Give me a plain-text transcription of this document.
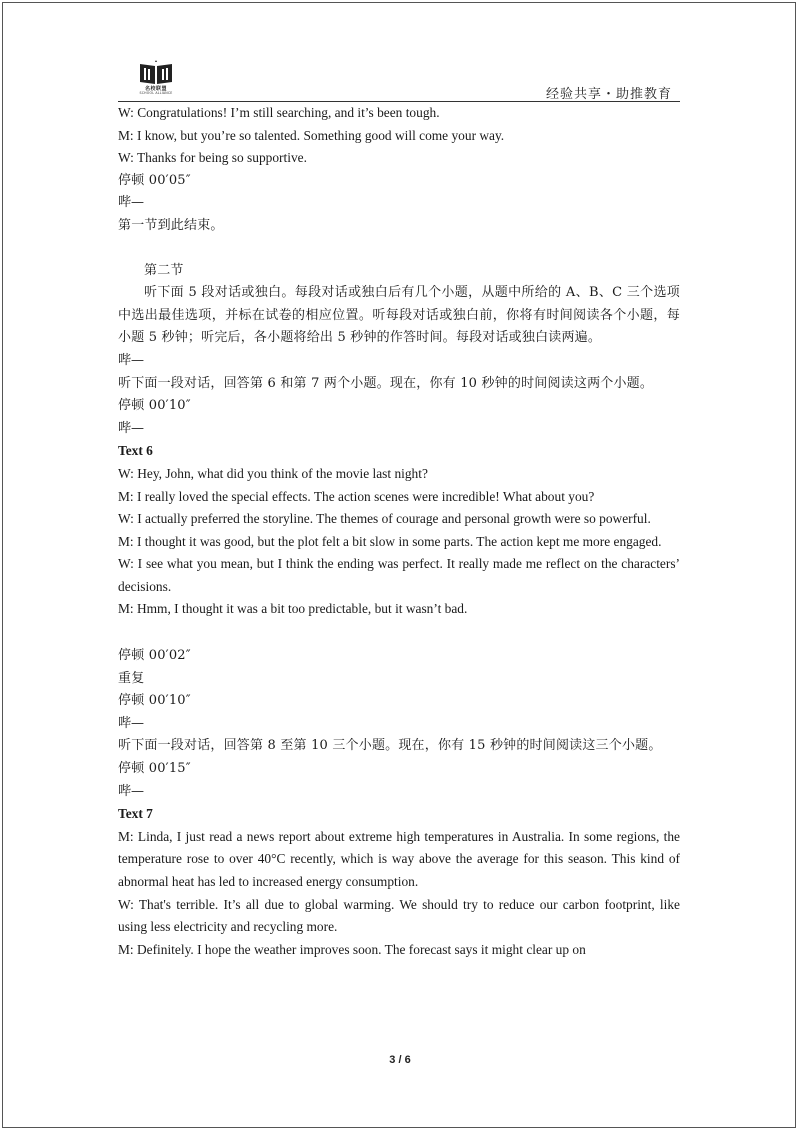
名校联盟
SCHOOL ALLIANCE	经验共享・助推教育

W: Congratulations! I’m still searching, and it’s been tough.

M: I know, but you’re so talented. Something good will come your way.

W: Thanks for being so supportive.

停顿 00′05″

哔—

第一节到此结束。

第二节

听下面 5 段对话或独白。每段对话或独白后有几个小题，从题中所给的 A、B、C 三个选项中选出最佳选项，并标在试卷的相应位置。听每段对话或独白前，你将有时间阅读各个小题，每小题 5 秒钟；听完后，各小题将给出 5 秒钟的作答时间。每段对话或独白读两遍。

哔—

听下面一段对话，回答第 6 和第 7 两个小题。现在，你有 10 秒钟的时间阅读这两个小题。

停顿 00′10″

哔—

Text 6

W: Hey, John, what did you think of the movie last night?

M: I really loved the special effects. The action scenes were incredible! What about you?

W: I actually preferred the storyline. The themes of courage and personal growth were so powerful.

M: I thought it was good, but the plot felt a bit slow in some parts. The action kept me more engaged.

W: I see what you mean, but I think the ending was perfect. It really made me reflect on the characters’ decisions.

M: Hmm, I thought it was a bit too predictable, but it wasn’t bad.

停顿 00′02″

重复

停顿 00′10″

哔—

听下面一段对话，回答第 8 至第 10 三个小题。现在，你有 15 秒钟的时间阅读这三个小题。

停顿 00′15″

哔—

Text 7

M: Linda, I just read a news report about extreme high temperatures in Australia. In some regions, the temperature rose to over 40°C recently, which is way above the average for this season. This kind of abnormal heat has led to increased energy consumption.

W: That's terrible. It’s all due to global warming. We should try to reduce our carbon footprint, like using less electricity and recycling more.

M: Definitely. I hope the weather improves soon. The forecast says it might clear up on

3 / 6
